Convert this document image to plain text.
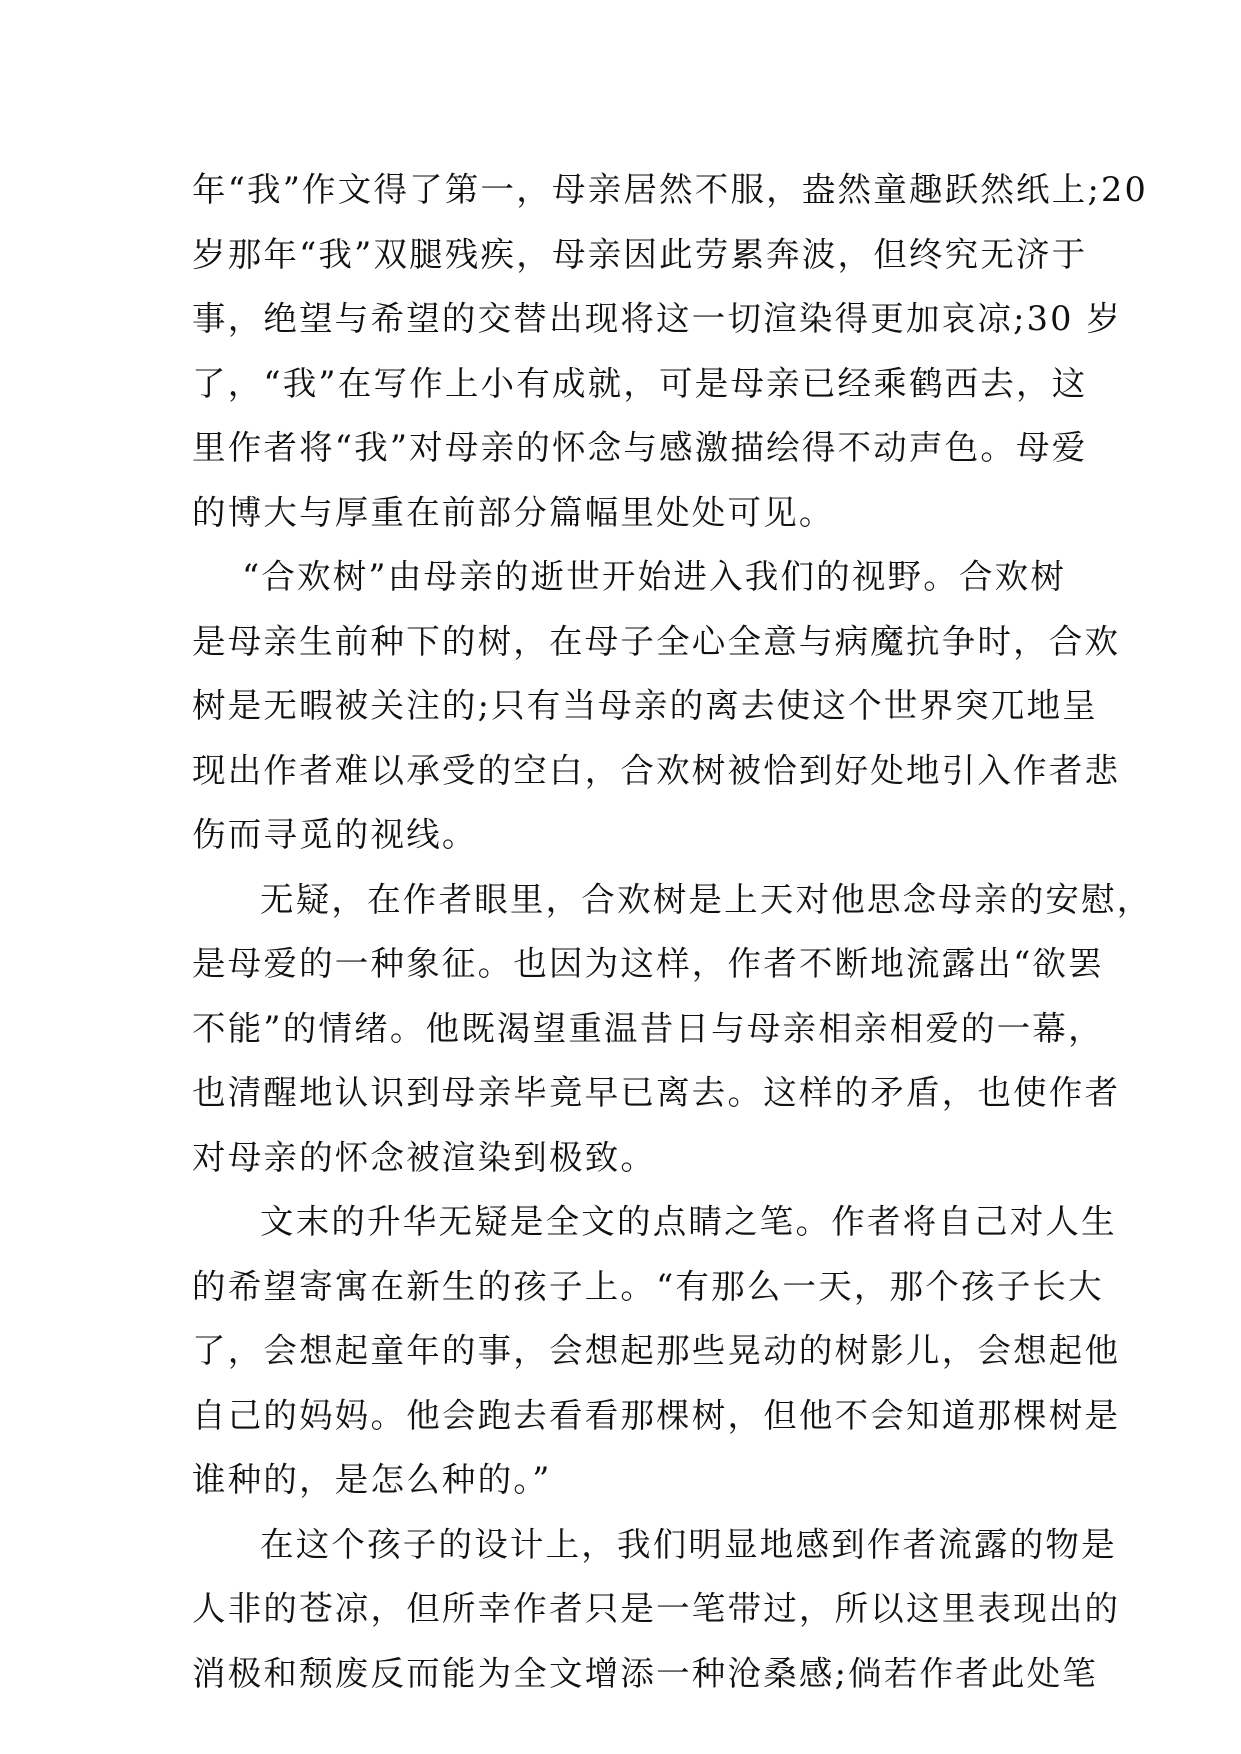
年“我”作文得了第一，母亲居然不服，盎然童趣跃然纸上;20
岁那年“我”双腿残疾，母亲因此劳累奔波，但终究无济于
事，绝望与希望的交替出现将这一切渲染得更加哀凉;30 岁
了，“我”在写作上小有成就，可是母亲已经乘鹤西去，这
里作者将“我”对母亲的怀念与感激描绘得不动声色。母爱
的博大与厚重在前部分篇幅里处处可见。
“合欢树”由母亲的逝世开始进入我们的视野。合欢树
是母亲生前种下的树，在母子全心全意与病魔抗争时，合欢
树是无暇被关注的;只有当母亲的离去使这个世界突兀地呈
现出作者难以承受的空白，合欢树被恰到好处地引入作者悲
伤而寻觅的视线。
无疑，在作者眼里，合欢树是上天对他思念母亲的安慰，
是母爱的一种象征。也因为这样，作者不断地流露出“欲罢
不能”的情绪。他既渴望重温昔日与母亲相亲相爱的一幕，
也清醒地认识到母亲毕竟早已离去。这样的矛盾，也使作者
对母亲的怀念被渲染到极致。
文末的升华无疑是全文的点睛之笔。作者将自己对人生
的希望寄寓在新生的孩子上。“有那么一天，那个孩子长大
了，会想起童年的事，会想起那些晃动的树影儿，会想起他
自己的妈妈。他会跑去看看那棵树，但他不会知道那棵树是
谁种的，是怎么种的。”
在这个孩子的设计上，我们明显地感到作者流露的物是
人非的苍凉，但所幸作者只是一笔带过，所以这里表现出的
消极和颓废反而能为全文增添一种沧桑感;倘若作者此处笔
